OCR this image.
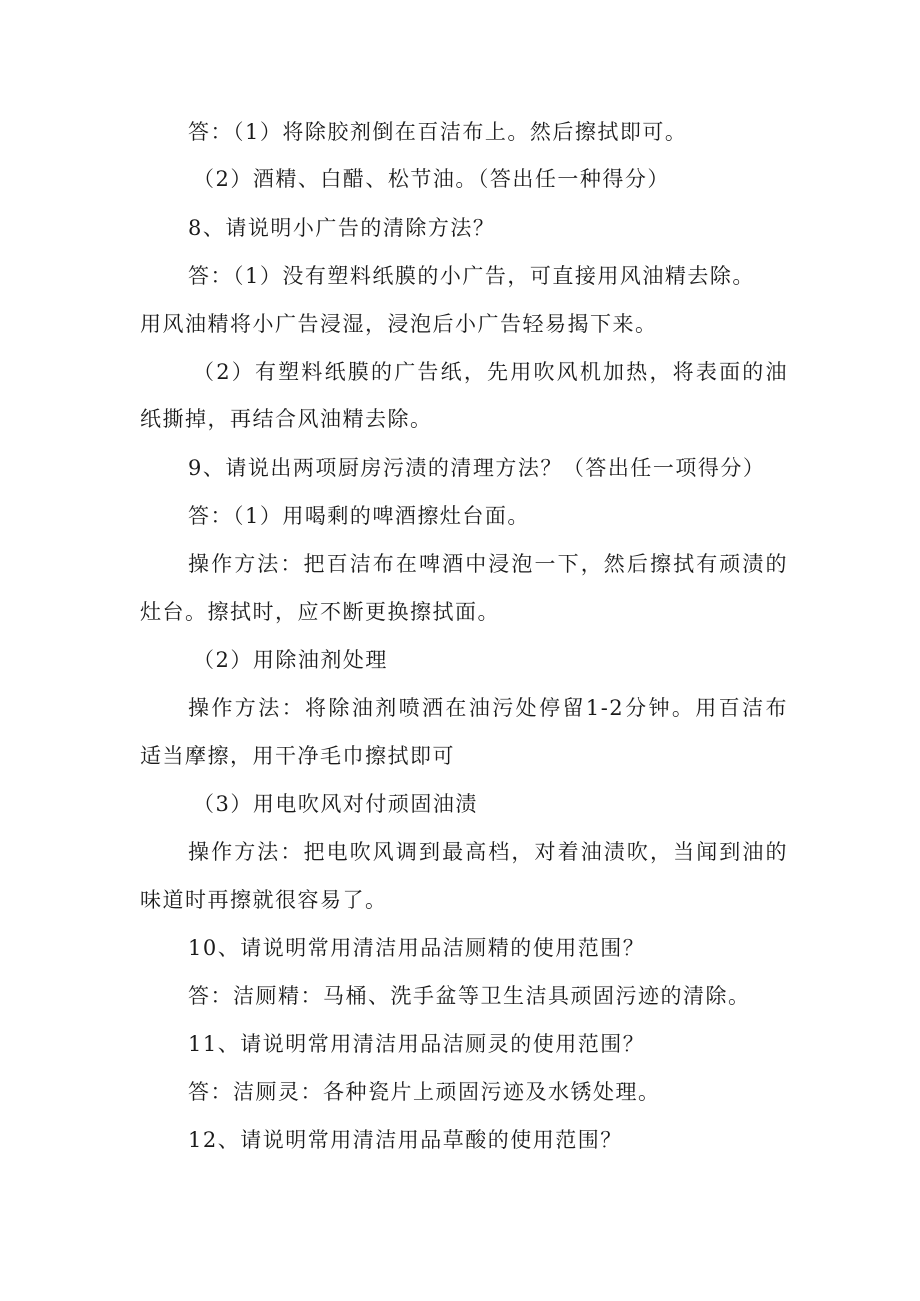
答：（1）将除胶剂倒在百洁布上。然后擦拭即可。
（2）酒精、白醋、松节油。（答出任一种得分）
8、请说明小广告的清除方法？
答：（1）没有塑料纸膜的小广告，可直接用风油精去除。
用风油精将小广告浸湿，浸泡后小广告轻易揭下来。
（2）有塑料纸膜的广告纸，先用吹风机加热，将表面的油
纸撕掉，再结合风油精去除。
9、请说出两项厨房污渍的清理方法？（答出任一项得分）
答：（1）用喝剩的啤酒擦灶台面。
操作方法：把百洁布在啤酒中浸泡一下，然后擦拭有顽渍的
灶台。擦拭时，应不断更换擦拭面。
（2）用除油剂处理
操作方法：将除油剂喷洒在油污处停留1-2分钟。用百洁布
适当摩擦，用干净毛巾擦拭即可
（3）用电吹风对付顽固油渍
操作方法：把电吹风调到最高档，对着油渍吹，当闻到油的
味道时再擦就很容易了。
10、请说明常用清洁用品洁厕精的使用范围？
答：洁厕精：马桶、洗手盆等卫生洁具顽固污迹的清除。
11、请说明常用清洁用品洁厕灵的使用范围？
答：洁厕灵：各种瓷片上顽固污迹及水锈处理。
12、请说明常用清洁用品草酸的使用范围？
